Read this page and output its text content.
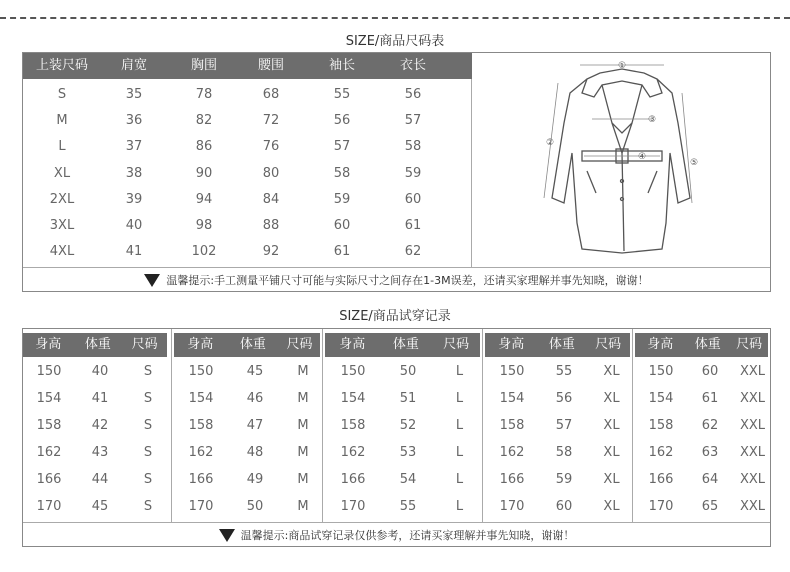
SIZE/商品尺码表
上装尺码	肩宽	胸围	腰围	袖长	衣长
S	35	78	68	55	56
M	36	82	72	56	57
L	37	86	76	57	58
XL	38	90	80	58	59
2XL	39	94	84	59	60
3XL	40	98	88	60	61
4XL	41	102	92	61	62
①
②
③
④
⑤
温馨提示:手工测量平铺尺寸可能与实际尺寸之间存在1-3M误差，还请买家理解并事先知晓，谢谢！
SIZE/商品试穿记录
身高	体重	尺码
150	40	S
154	41	S
158	42	S
162	43	S
166	44	S
170	45	S
身高	体重	尺码
150	45	M
154	46	M
158	47	M
162	48	M
166	49	M
170	50	M
身高	体重	尺码
150	50	L
154	51	L
158	52	L
162	53	L
166	54	L
170	55	L
身高	体重	尺码
150	55	XL
154	56	XL
158	57	XL
162	58	XL
166	59	XL
170	60	XL
身高	体重	尺码
150	60	XXL
154	61	XXL
158	62	XXL
162	63	XXL
166	64	XXL
170	65	XXL
温馨提示:商品试穿记录仅供参考，还请买家理解并事先知晓，谢谢！
